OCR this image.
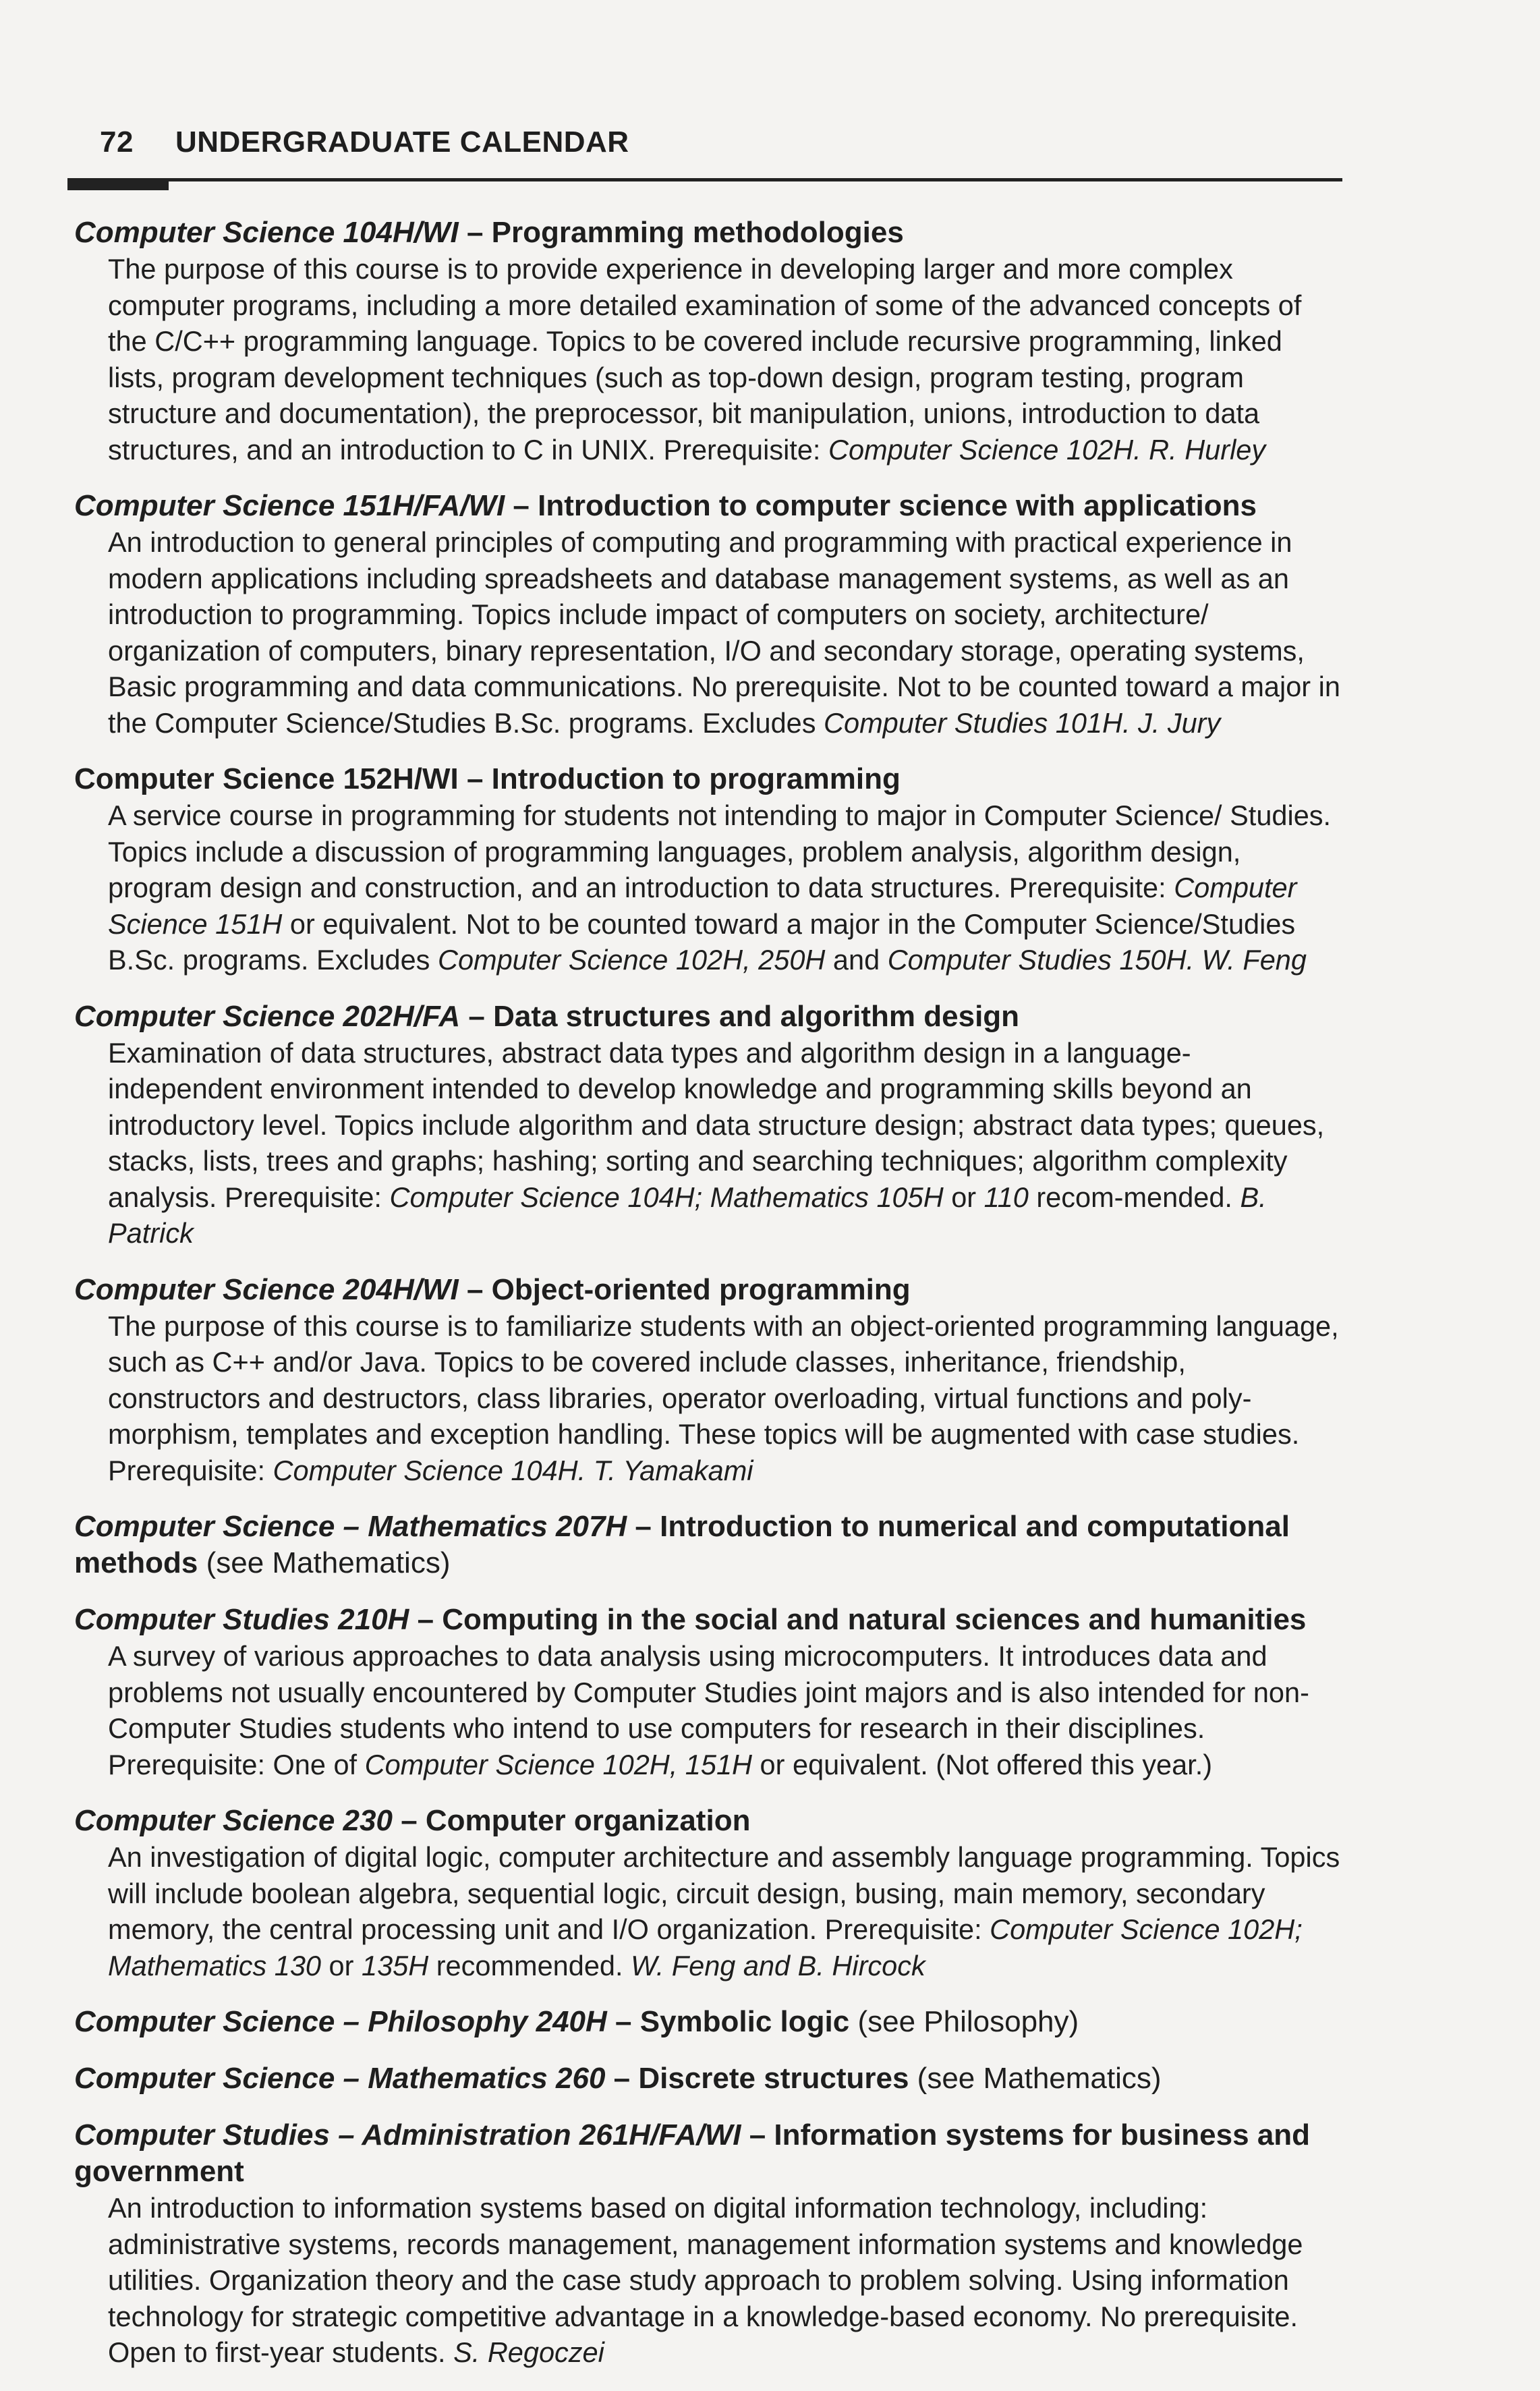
72 UNDERGRADUATE CALENDAR
Computer Science 104H/WI – Programming methodologies
The purpose of this course is to provide experience in developing larger and more complex computer programs, including a more detailed examination of some of the advanced concepts of the C/C++ programming language. Topics to be covered include recursive programming, linked lists, program development techniques (such as top-down design, program testing, program structure and documentation), the preprocessor, bit manipulation, unions, introduction to data structures, and an introduction to C in UNIX. Prerequisite: Computer Science 102H. R. Hurley
Computer Science 151H/FA/WI – Introduction to computer science with applications
An introduction to general principles of computing and programming with practical experience in modern applications including spreadsheets and database management systems, as well as an introduction to programming. Topics include impact of computers on society, architecture/ organization of computers, binary representation, I/O and secondary storage, operating systems, Basic programming and data communications. No prerequisite. Not to be counted toward a major in the Computer Science/Studies B.Sc. programs. Excludes Computer Studies 101H. J. Jury
Computer Science 152H/WI – Introduction to programming
A service course in programming for students not intending to major in Computer Science/ Studies. Topics include a discussion of programming languages, problem analysis, algorithm design, program design and construction, and an introduction to data structures. Prerequisite: Computer Science 151H or equivalent. Not to be counted toward a major in the Computer Science/Studies B.Sc. programs. Excludes Computer Science 102H, 250H and Computer Studies 150H. W. Feng
Computer Science 202H/FA – Data structures and algorithm design
Examination of data structures, abstract data types and algorithm design in a language-independent environment intended to develop knowledge and programming skills beyond an introductory level. Topics include algorithm and data structure design; abstract data types; queues, stacks, lists, trees and graphs; hashing; sorting and searching techniques; algorithm complexity analysis. Prerequisite: Computer Science 104H; Mathematics 105H or 110 recom-mended. B. Patrick
Computer Science 204H/WI – Object-oriented programming
The purpose of this course is to familiarize students with an object-oriented programming language, such as C++ and/or Java. Topics to be covered include classes, inheritance, friendship, constructors and destructors, class libraries, operator overloading, virtual functions and poly-morphism, templates and exception handling. These topics will be augmented with case studies. Prerequisite: Computer Science 104H. T. Yamakami
Computer Science – Mathematics 207H – Introduction to numerical and computational methods (see Mathematics)
Computer Studies 210H – Computing in the social and natural sciences and humanities
A survey of various approaches to data analysis using microcomputers. It introduces data and problems not usually encountered by Computer Studies joint majors and is also intended for non-Computer Studies students who intend to use computers for research in their disciplines. Prerequisite: One of Computer Science 102H, 151H or equivalent. (Not offered this year.)
Computer Science 230 – Computer organization
An investigation of digital logic, computer architecture and assembly language programming. Topics will include boolean algebra, sequential logic, circuit design, busing, main memory, secondary memory, the central processing unit and I/O organization. Prerequisite: Computer Science 102H; Mathematics 130 or 135H recommended. W. Feng and B. Hircock
Computer Science – Philosophy 240H – Symbolic logic (see Philosophy)
Computer Science – Mathematics 260 – Discrete structures (see Mathematics)
Computer Studies – Administration 261H/FA/WI – Information systems for business and government
An introduction to information systems based on digital information technology, including: administrative systems, records management, management information systems and knowledge utilities. Organization theory and the case study approach to problem solving. Using information technology for strategic competitive advantage in a knowledge-based economy. No prerequisite. Open to first-year students. S. Regoczei
